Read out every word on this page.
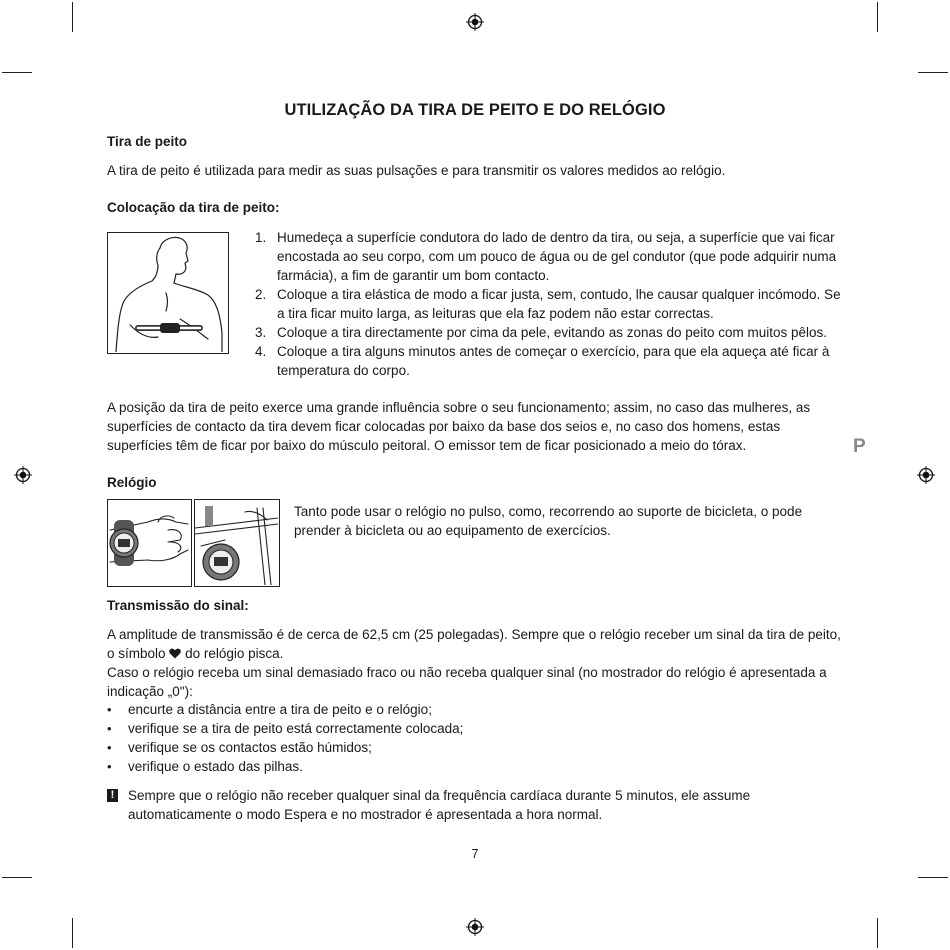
UTILIZAÇÃO DA TIRA DE PEITO E DO RELÓGIO
Tira de peito
A tira de peito é utilizada para medir as suas pulsações e para transmitir os valores medidos ao relógio.
Colocação da tira de peito:
1. Humedeça a superfície condutora do lado de dentro da tira, ou seja, a superfície que vai ficar encostada ao seu corpo, com um pouco de água ou de gel condutor (que pode adquirir numa farmácia), a fim de garantir um bom contacto.
2. Coloque a tira elástica de modo a ficar justa, sem, contudo, lhe causar qualquer incómodo. Se a tira ficar muito larga, as leituras que ela faz podem não estar correctas.
3. Coloque a tira directamente por cima da pele, evitando as zonas do peito com muitos pêlos.
4. Coloque a tira alguns minutos antes de começar o exercício, para que ela aqueça até ficar à temperatura do corpo.
A posição da tira de peito exerce uma grande influência sobre o seu funcionamento; assim, no caso das mulheres, as superfícies de contacto da tira devem ficar colocadas por baixo da base dos seios e, no caso dos homens, estas superfícies têm de ficar por baixo do músculo peitoral. O emissor tem de ficar posicionado a meio do tórax.	P
Relógio
Tanto pode usar o relógio no pulso, como, recorrendo ao suporte de bicicleta, o pode prender à bicicleta ou ao equipamento de exercícios.
Transmissão do sinal:
A amplitude de transmissão é de cerca de 62,5 cm (25 polegadas). Sempre que o relógio receber um sinal da tira de peito, o símbolo do relógio pisca.
Caso o relógio receba um sinal demasiado fraco ou não receba qualquer sinal (no mostrador do relógio é apresentada a indicação „0"):
• encurte a distância entre a tira de peito e o relógio;
• verifique se a tira de peito está correctamente colocada;
• verifique se os contactos estão húmidos;
• verifique o estado das pilhas.
! Sempre que o relógio não receber qualquer sinal da frequência cardíaca durante 5 minutos, ele assume automaticamente o modo Espera e no mostrador é apresentada a hora normal.
7
